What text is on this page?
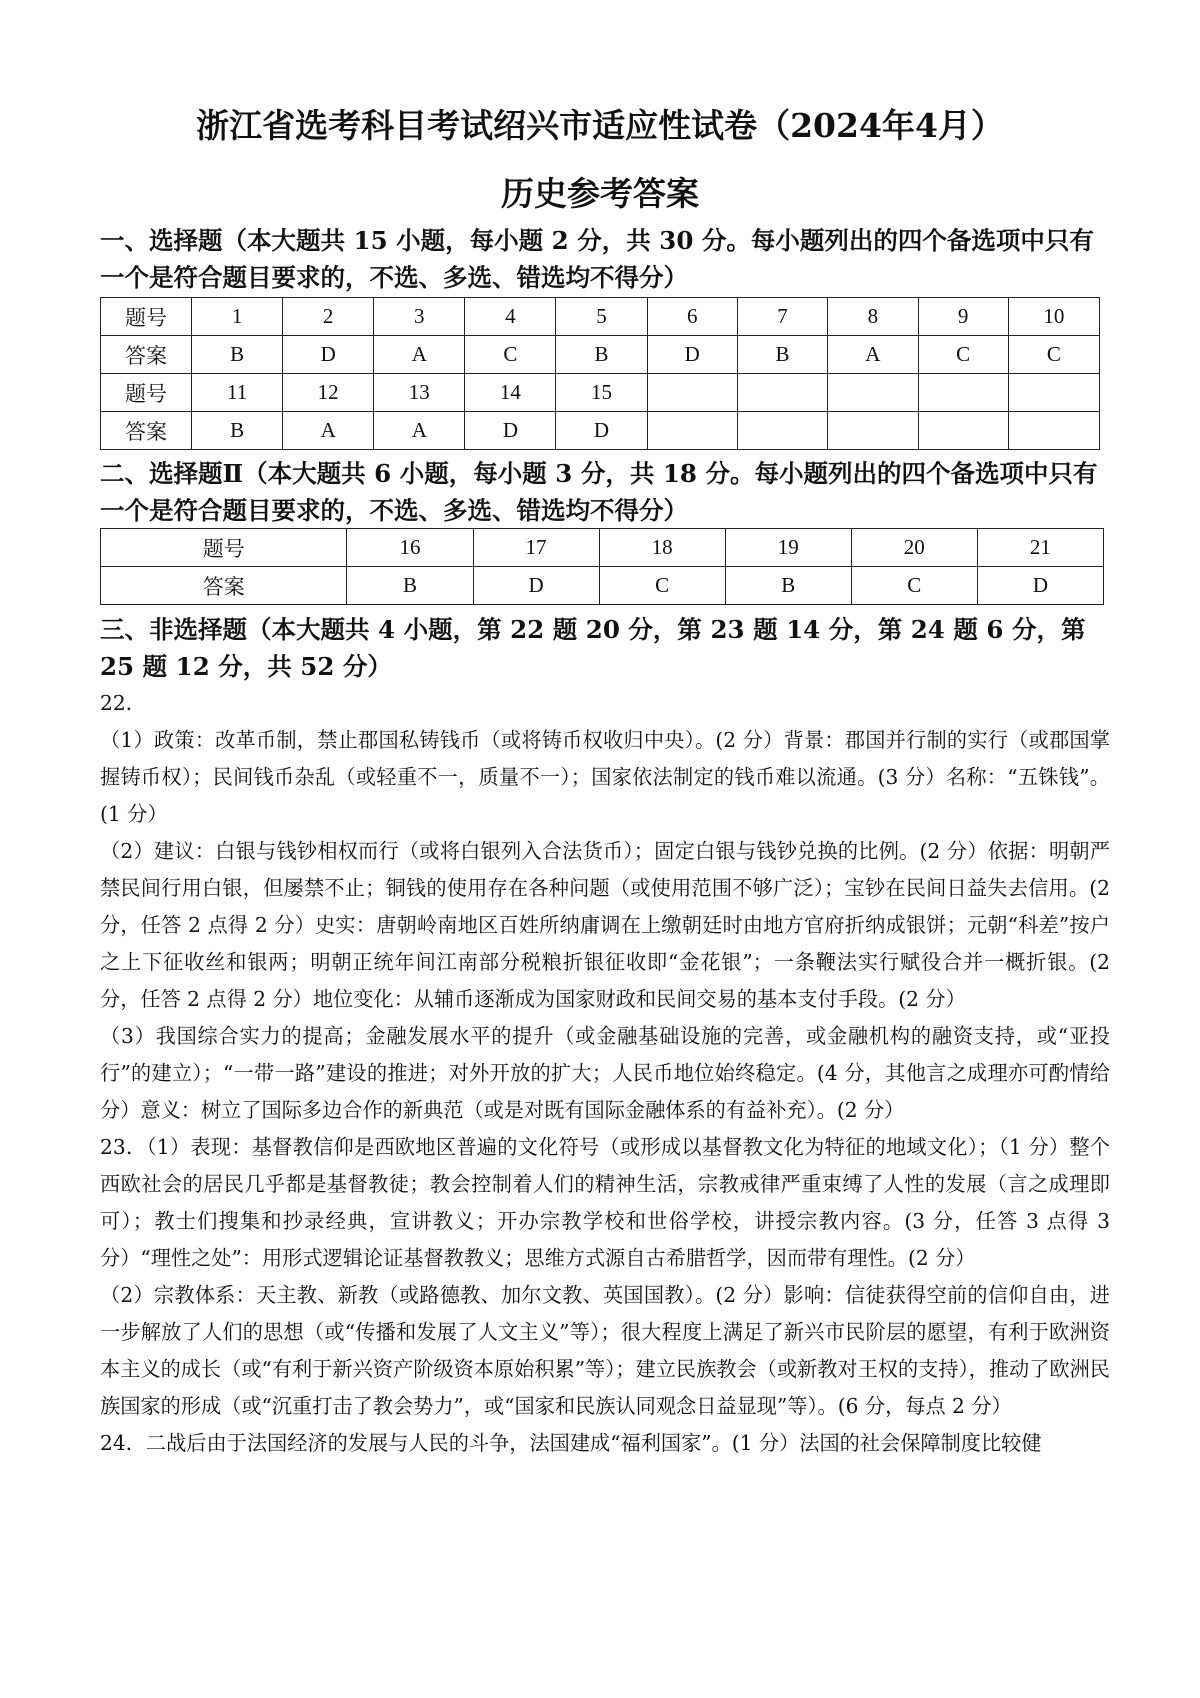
浙江省选考科目考试绍兴市适应性试卷（2024年4月）
历史参考答案

一、选择题（本大题共 15 小题，每小题 2 分，共 30 分。每小题列出的四个备选项中只有一个是符合题目要求的，不选、多选、错选均不得分）

题号	1	2	3	4	5	6	7	8	9	10
答案	B	D	A	C	B	D	B	A	C	C
题号	11	12	13	14	15					
答案	B	A	A	D	D					

二、选择题Ⅱ（本大题共 6 小题，每小题 3 分，共 18 分。每小题列出的四个备选项中只有一个是符合题目要求的，不选、多选、错选均不得分）

题号	16	17	18	19	20	21
答案	B	D	C	B	C	D

三、非选择题（本大题共 4 小题，第 22 题 20 分，第 23 题 14 分，第 24 题 6 分，第 25 题 12 分，共 52 分）

22．

（1）政策：改革币制，禁止郡国私铸钱币（或将铸币权收归中央）。(2 分）背景：郡国并行制的实行（或郡国掌握铸币权）；民间钱币杂乱（或轻重不一，质量不一）；国家依法制定的钱币难以流通。(3 分）名称：“五铢钱”。(1 分）

（2）建议：白银与钱钞相权而行（或将白银列入合法货币）；固定白银与钱钞兑换的比例。(2 分）依据：明朝严禁民间行用白银，但屡禁不止；铜钱的使用存在各种问题（或使用范围不够广泛）；宝钞在民间日益失去信用。(2 分，任答 2 点得 2 分）史实：唐朝岭南地区百姓所纳庸调在上缴朝廷时由地方官府折纳成银饼；元朝“科差”按户之上下征收丝和银两；明朝正统年间江南部分税粮折银征收即“金花银”；一条鞭法实行赋役合并一概折银。(2 分，任答 2 点得 2 分）地位变化：从辅币逐渐成为国家财政和民间交易的基本支付手段。(2 分）

（3）我国综合实力的提高；金融发展水平的提升（或金融基础设施的完善，或金融机构的融资支持，或“亚投行”的建立）；“一带一路”建设的推进；对外开放的扩大；人民币地位始终稳定。(4 分，其他言之成理亦可酌情给分）意义：树立了国际多边合作的新典范（或是对既有国际金融体系的有益补充）。(2 分）

23．（1）表现：基督教信仰是西欧地区普遍的文化符号（或形成以基督教文化为特征的地域文化）；（1 分）整个西欧社会的居民几乎都是基督教徒；教会控制着人们的精神生活，宗教戒律严重束缚了人性的发展（言之成理即可）；教士们搜集和抄录经典，宣讲教义；开办宗教学校和世俗学校，讲授宗教内容。(3 分，任答 3 点得 3 分）“理性之处”：用形式逻辑论证基督教教义；思维方式源自古希腊哲学，因而带有理性。(2 分）

（2）宗教体系：天主教、新教（或路德教、加尔文教、英国国教）。(2 分）影响：信徒获得空前的信仰自由，进一步解放了人们的思想（或“传播和发展了人文主义”等）；很大程度上满足了新兴市民阶层的愿望，有利于欧洲资本主义的成长（或“有利于新兴资产阶级资本原始积累”等）；建立民族教会（或新教对王权的支持），推动了欧洲民族国家的形成（或“沉重打击了教会势力”，或“国家和民族认同观念日益显现”等）。(6 分，每点 2 分）

24．二战后由于法国经济的发展与人民的斗争，法国建成“福利国家”。(1 分）法国的社会保障制度比较健
